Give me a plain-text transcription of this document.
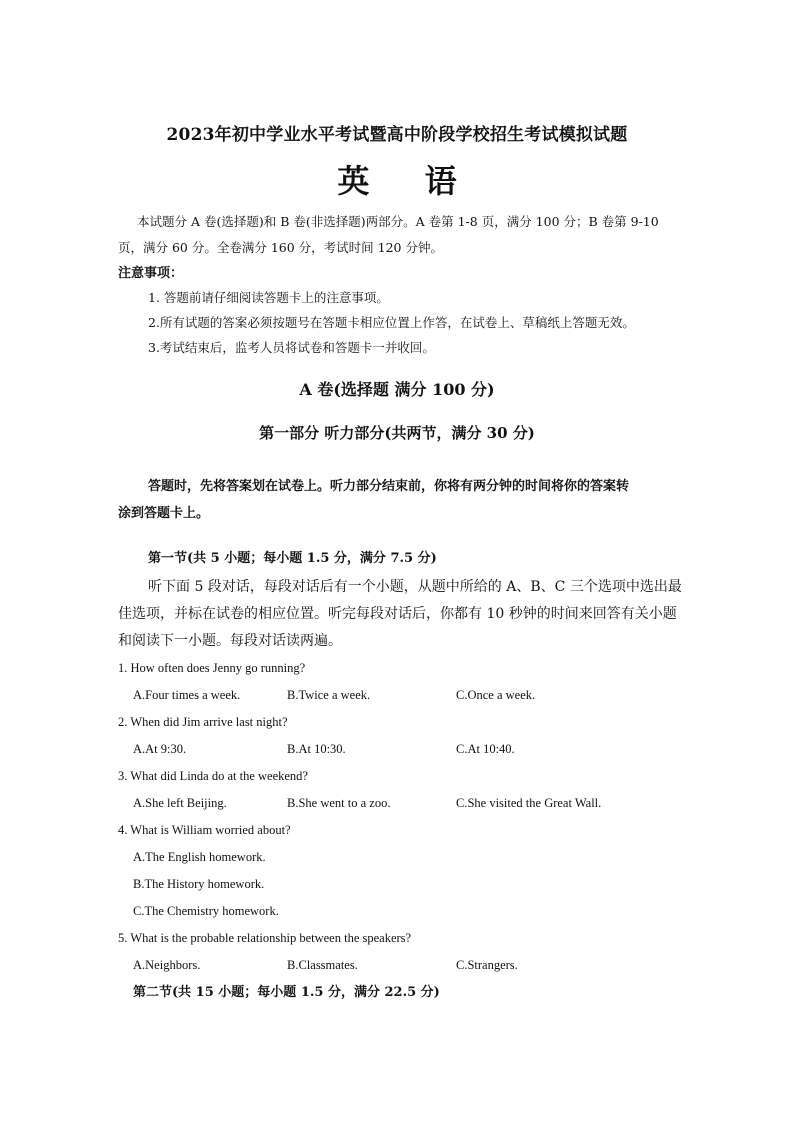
2023年初中学业水平考试暨高中阶段学校招生考试模拟试题
英 语
本试题分 A 卷(选择题)和 B 卷(非选择题)两部分。A 卷第 1-8 页，满分 100 分；B 卷第 9-10
页，满分 60 分。全卷满分 160 分，考试时间 120 分钟。
注意事项：
1. 答题前请仔细阅读答题卡上的注意事项。
2.所有试题的答案必须按题号在答题卡相应位置上作答，在试卷上、草稿纸上答题无效。
3.考试结束后，监考人员将试卷和答题卡一并收回。
A 卷(选择题 满分 100 分)
第一部分 听力部分(共两节，满分 30 分)
答题时，先将答案划在试卷上。听力部分结束前，你将有两分钟的时间将你的答案转
涂到答题卡上。
第一节(共 5 小题；每小题 1.5 分，满分 7.5 分)
听下面 5 段对话，每段对话后有一个小题，从题中所给的 A、B、C 三个选项中选出最
佳选项，并标在试卷的相应位置。听完每段对话后，你都有 10 秒钟的时间来回答有关小题
和阅读下一小题。每段对话读两遍。
1. How often does Jenny go running?
A.Four times a week.	B.Twice a week.	C.Once a week.
2. When did Jim arrive last night?
A.At 9:30.	B.At 10:30.	C.At 10:40.
3. What did Linda do at the weekend?
A.She left Beijing.	B.She went to a zoo.	C.She visited the Great Wall.
4. What is William worried about?
A.The English homework.
B.The History homework.
C.The Chemistry homework.
5. What is the probable relationship between the speakers?
A.Neighbors.	B.Classmates.	C.Strangers.
第二节(共 15 小题；每小题 1.5 分，满分 22.5 分)
